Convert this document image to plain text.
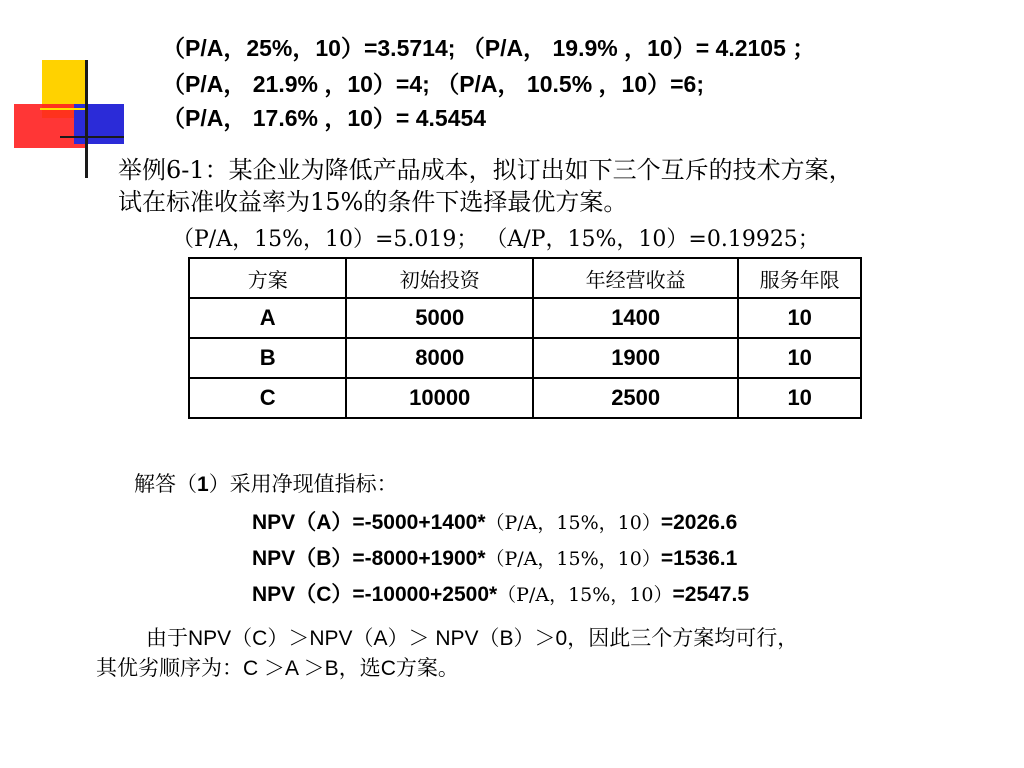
（P/A，25%，10）=3.5714; （P/A， 19.9% ，10）= 4.2105 ；
（P/A， 21.9% ，10）=4; （P/A， 10.5% ，10）=6;
（P/A， 17.6% ，10）= 4.5454
举例6-1：某企业为降低产品成本，拟订出如下三个互斥的技术方案，
试在标准收益率为15%的条件下选择最优方案。
（P/A，15%，10）=5.019； （A/P，15%，10）=0.19925；
方案	初始投资	年经营收益	服务年限
A	5000	1400	10
B	8000	1900	10
C	10000	2500	10
解答（1）采用净现值指标：
NPV（A）=-5000+1400*（P/A，15%，10）=2026.6
NPV（B）=-8000+1900*（P/A，15%，10）=1536.1
NPV（C）=-10000+2500*（P/A，15%，10）=2547.5
由于NPV（C）＞NPV（A）＞ NPV（B）＞0，因此三个方案均可行，
其优劣顺序为：C ＞A ＞B，选C方案。
